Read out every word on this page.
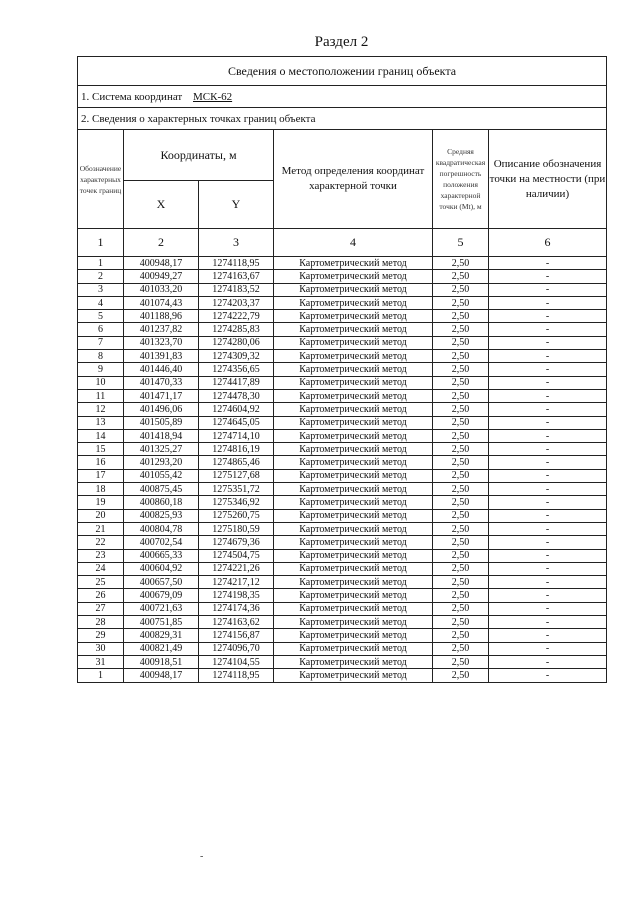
Раздел 2
Сведения о местоположении границ объекта					
1. Система координат МСК-62					
2. Сведения о характерных точках границ объекта					
Обозначение характерных точек границ	Координаты, м		Метод определения координат характерной точки	Средняя квадратическая погрешность положения характерной точки (Mt), м	Описание обозначения точки на местности (при наличии)
	X	Y			
1	2	3	4	5	6
1	400948,17	1274118,95	Картометрический метод	2,50	-
2	400949,27	1274163,67	Картометрический метод	2,50	-
3	401033,20	1274183,52	Картометрический метод	2,50	-
4	401074,43	1274203,37	Картометрический метод	2,50	-
5	401188,96	1274222,79	Картометрический метод	2,50	-
6	401237,82	1274285,83	Картометрический метод	2,50	-
7	401323,70	1274280,06	Картометрический метод	2,50	-
8	401391,83	1274309,32	Картометрический метод	2,50	-
9	401446,40	1274356,65	Картометрический метод	2,50	-
10	401470,33	1274417,89	Картометрический метод	2,50	-
11	401471,17	1274478,30	Картометрический метод	2,50	-
12	401496,06	1274604,92	Картометрический метод	2,50	-
13	401505,89	1274645,05	Картометрический метод	2,50	-
14	401418,94	1274714,10	Картометрический метод	2,50	-
15	401325,27	1274816,19	Картометрический метод	2,50	-
16	401293,20	1274865,46	Картометрический метод	2,50	-
17	401055,42	1275127,68	Картометрический метод	2,50	-
18	400875,45	1275351,72	Картометрический метод	2,50	-
19	400860,18	1275346,92	Картометрический метод	2,50	-
20	400825,93	1275260,75	Картометрический метод	2,50	-
21	400804,78	1275180,59	Картометрический метод	2,50	-
22	400702,54	1274679,36	Картометрический метод	2,50	-
23	400665,33	1274504,75	Картометрический метод	2,50	-
24	400604,92	1274221,26	Картометрический метод	2,50	-
25	400657,50	1274217,12	Картометрический метод	2,50	-
26	400679,09	1274198,35	Картометрический метод	2,50	-
27	400721,63	1274174,36	Картометрический метод	2,50	-
28	400751,85	1274163,62	Картометрический метод	2,50	-
29	400829,31	1274156,87	Картометрический метод	2,50	-
30	400821,49	1274096,70	Картометрический метод	2,50	-
31	400918,51	1274104,55	Картометрический метод	2,50	-
1	400948,17	1274118,95	Картометрический метод	2,50	-
-
